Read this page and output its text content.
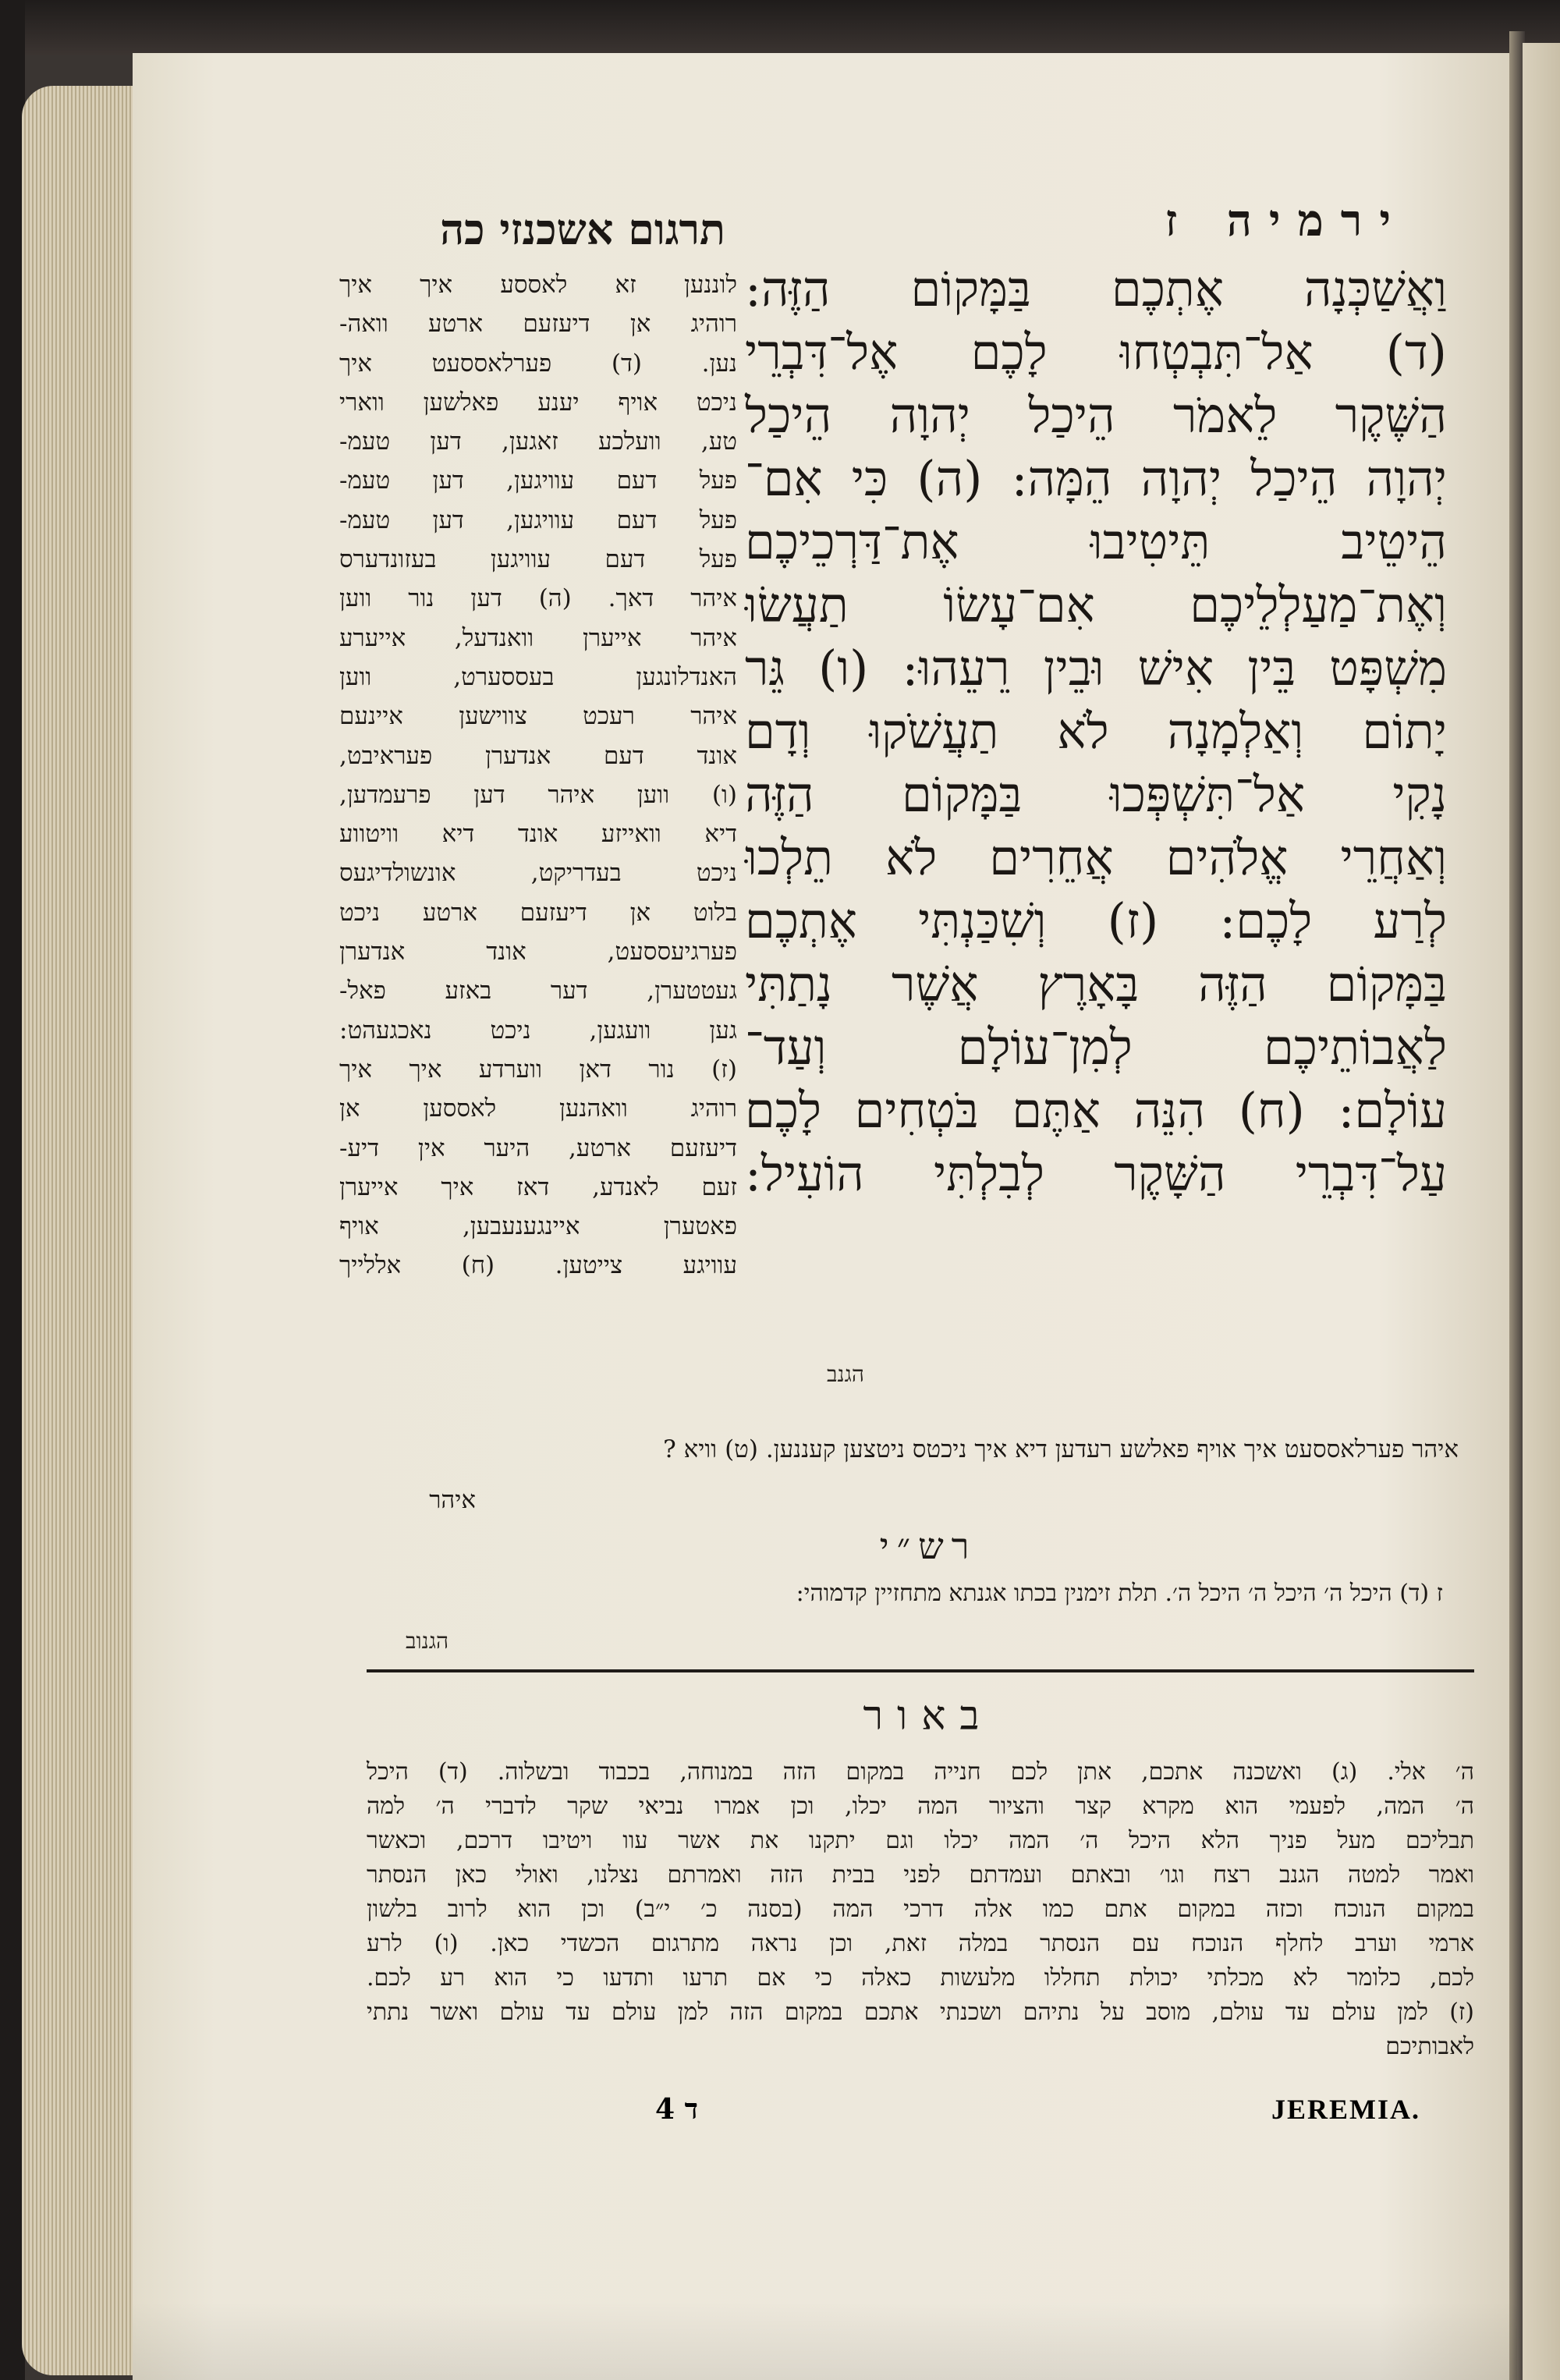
ירמיה ז
תרגום אשכנזי כה
וַאֲשַׁכְּנָה אֶתְכֶם בַּמָּקוֹם הַזֶּה:
(ד) אַל־תִּבְטְחוּ לָכֶם אֶל־דִּבְרֵי
הַשֶּׁקֶר לֵאמֹר הֵיכַל יְהוָה הֵיכַל
יְהוָה הֵיכַל יְהוָה הֵמָּה: (ה) כִּי אִם־
הֵיטֵיב תֵּיטִיבוּ אֶת־דַּרְכֵיכֶם
וְאֶת־מַעַלְלֵיכֶם אִם־עָשׂוֹ תַעֲשׂוּ
מִשְׁפָּט בֵּין אִישׁ וּבֵין רֵעֵהוּ: (ו) גֵּר
יָתוֹם וְאַלְמָנָה לֹא תַעֲשֹׁקוּ וְדָם
נָקִי אַל־תִּשְׁפְּכוּ בַּמָּקוֹם הַזֶּה
וְאַחֲרֵי אֱלֹהִים אֲחֵרִים לֹא תֵלְכוּ
לְרַע לָכֶם: (ז) וְשִׁכַּנְתִּי אֶתְכֶם
בַּמָּקוֹם הַזֶּה בָּאָרֶץ אֲשֶׁר נָתַתִּי
לַאֲבוֹתֵיכֶם לְמִן־עוֹלָם וְעַד־
עוֹלָם: (ח) הִנֵּה אַתֶּם בֹּטְחִים לָכֶם
עַל־דִּבְרֵי הַשָּׁקֶר לְבִלְתִּי הוֹעִיל:
הגנב
לוננען זא לאססע איך איך
רוהיג אן דיעזעם ארטע וואה-
נען. (ד) פערלאססעט איך
ניכט אויף יענע פאלשען ווארי
טע, וועלכע זאגען, דען טעמ-
פעל דעם עוויגען, דען טעמ-
פעל דעם עוויגען, דען טעמ-
פעל דעם עוויגען בעזונדערס
איהר דאך. (ה) דען נור ווען
איהר אייערן וואנדעל, אייערע
האנדלונגען בעססערט, ווען
איהר רעכט צווישען איינעם
אונד דעם אנדערן פעראיבט,
(ו) ווען איהר דען פרעמדען,
דיא וואייזע אונד דיא וויטווע
ניכט בעדריקט, אונשולדיגעס
בלוט אן דיעזעם ארטע ניכט
פערגיעססעט, אונד אנדערן
געטטערן, דער באזע פאל-
גען וועגען, ניכט נאכגעהט:
(ז) נור דאן ווערדע איך איך
רוהיג וואהנען לאססען אן
דיעזעם ארטע, היער אין דיע-
זעם לאנדע, דאז איך אייערן
פאטערן איינגענעבען, אויף
עוויגע צייטען. (ח) אללייך
איהר פערלאססעט איך אויף פאלשע רעדען דיא איך ניכטס ניטצען קעננען. (ט) וויא ?
איהר
רש״י
ז (ד) היכל ה׳ היכל ה׳ היכל ה׳. תלת זימנין בכתו אגנתא מתחזיין קדמוהי:
הגנוב
באור
ה׳ אלי. (ג) ואשכנה אתכם, אתן לכם חנייה במקום הזה במנוחה, בכבוד ובשלוה. (ד) היכל
ה׳ המה, לפעמי הוא מקרא קצר והציור המה יכלו, וכן אמרו נביאי שקר לדברי ה׳ למה
תבליכם מעל פניך הלא היכל ה׳ המה יכלו וגם יתקנו את אשר עוו ויטיבו דרכם, וכאשר
ואמר למטה הגנב רצח וגו׳ ובאתם ועמדתם לפני בבית הזה ואמרתם נצלנו, ואולי כאן הנסתר
במקום הנוכח וכזה במקום אתם כמו אלה דרכי המה (בסנה כ׳ י״ב) וכן הוא לרוב בלשון
ארמי וערב לחלף הנוכח עם הנסתר במלה זאת, וכן נראה מתרגום הכשדי כאן. (ו) לרע
לכם, כלומר לא מכלתי יכולת תחללו מלעשות כאלה כי אם תרעו ותדעו כי הוא רע לכם.
(ז) למן עולם עד עולם, מוסב על נתיהם ושכנתי אתכם במקום הזה למן עולם עד עולם ואשר נתתי
לאבותיכם
ד 4	JEREMIA.
